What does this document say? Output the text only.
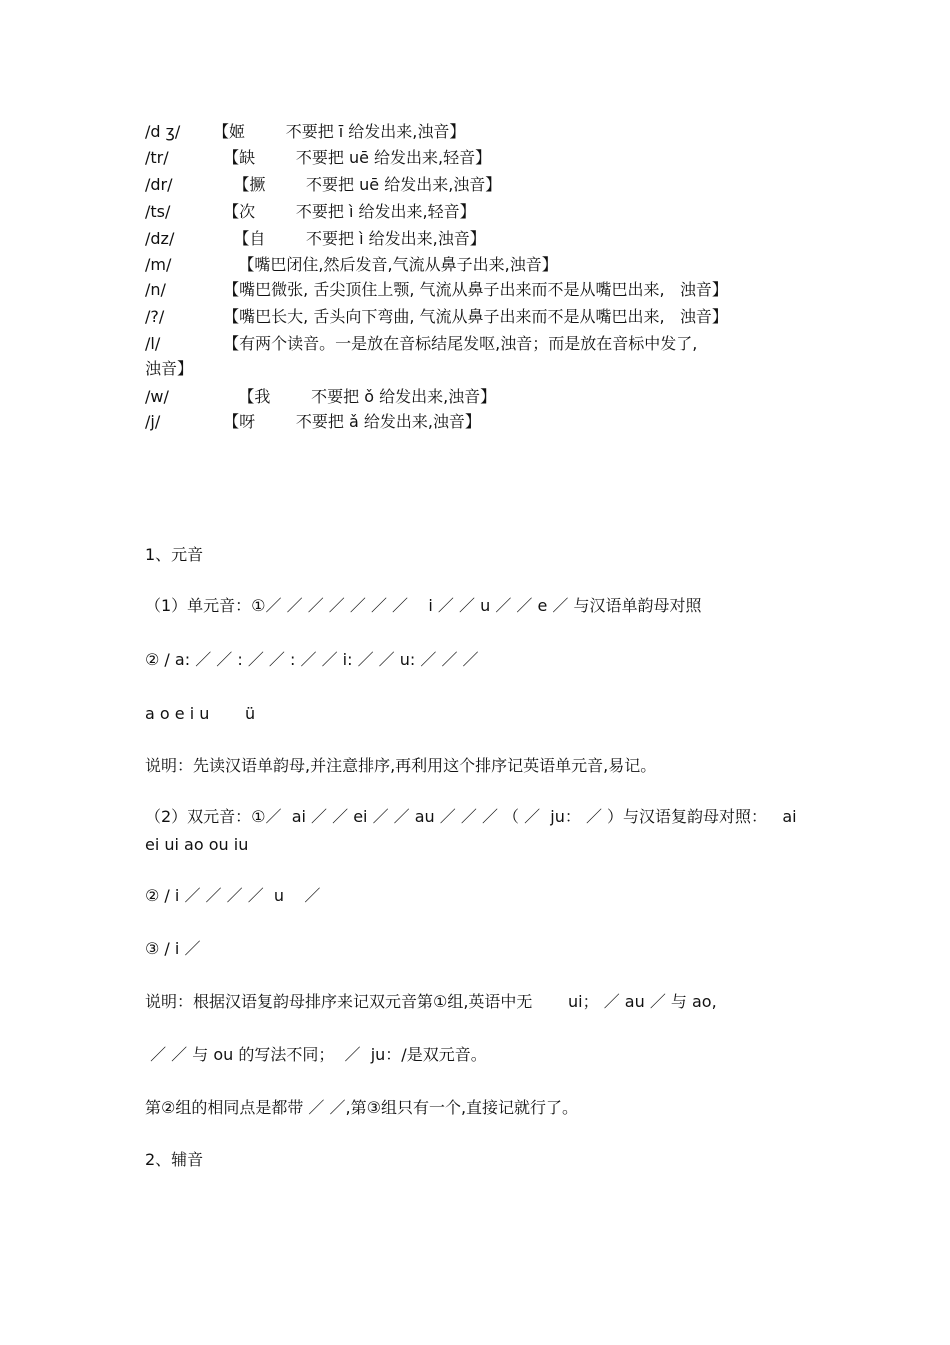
/d ʒ/ 【姬        不要把 ī 给发出来,浊音】
/tr/	【缺        不要把 uē 给发出来,轻音】
/dr/	【撅        不要把 uē 给发出来,浊音】
/ts/	【次        不要把 ì 给发出来,轻音】
/dz/    【自        不要把 ì 给发出来,浊音】
/m/	【嘴巴闭住,然后发音,气流从鼻子出来,浊音】
/n/	【嘴巴微张, 舌尖顶住上颚, 气流从鼻子出来而不是从嘴巴出来,   浊音】
/?/	【嘴巴长大, 舌头向下弯曲, 气流从鼻子出来而不是从嘴巴出来,   浊音】
/l/	【有两个读音。一是放在音标结尾发呕,浊音；而是放在音标中发了,
浊音】
/w/	【我        不要把 ǒ 给发出来,浊音】
/j/	【呀        不要把 ǎ 给发出来,浊音】
1、元音
（1）单元音：①／ ／ ／ ／ ／ ／ ／    i ／ ／ u ／ ／ e ／ 与汉语单韵母对照
② / a: ／ ／ : ／ ／ : ／ ／ i: ／ ／ u: ／ ／ ／
a o e i u       ü
说明：先读汉语单韵母,并注意排序,再利用这个排序记英语单元音,易记。
（2）双元音：①／  ai ／ ／ ei ／ ／ au ／ ／ ／ （ ／  ju： ／ ）与汉语复韵母对照：   ai ei ui ao ou iu
② / i ／ ／ ／ ／  u    ／
③ / i ／
说明：根据汉语复韵母排序来记双元音第①组,英语中无       ui； ／ au ／ 与 ao,
／ ／ 与 ou 的写法不同；  ／  ju：/是双元音。
第②组的相同点是都带 ／ ／,第③组只有一个,直接记就行了。
2、辅音
